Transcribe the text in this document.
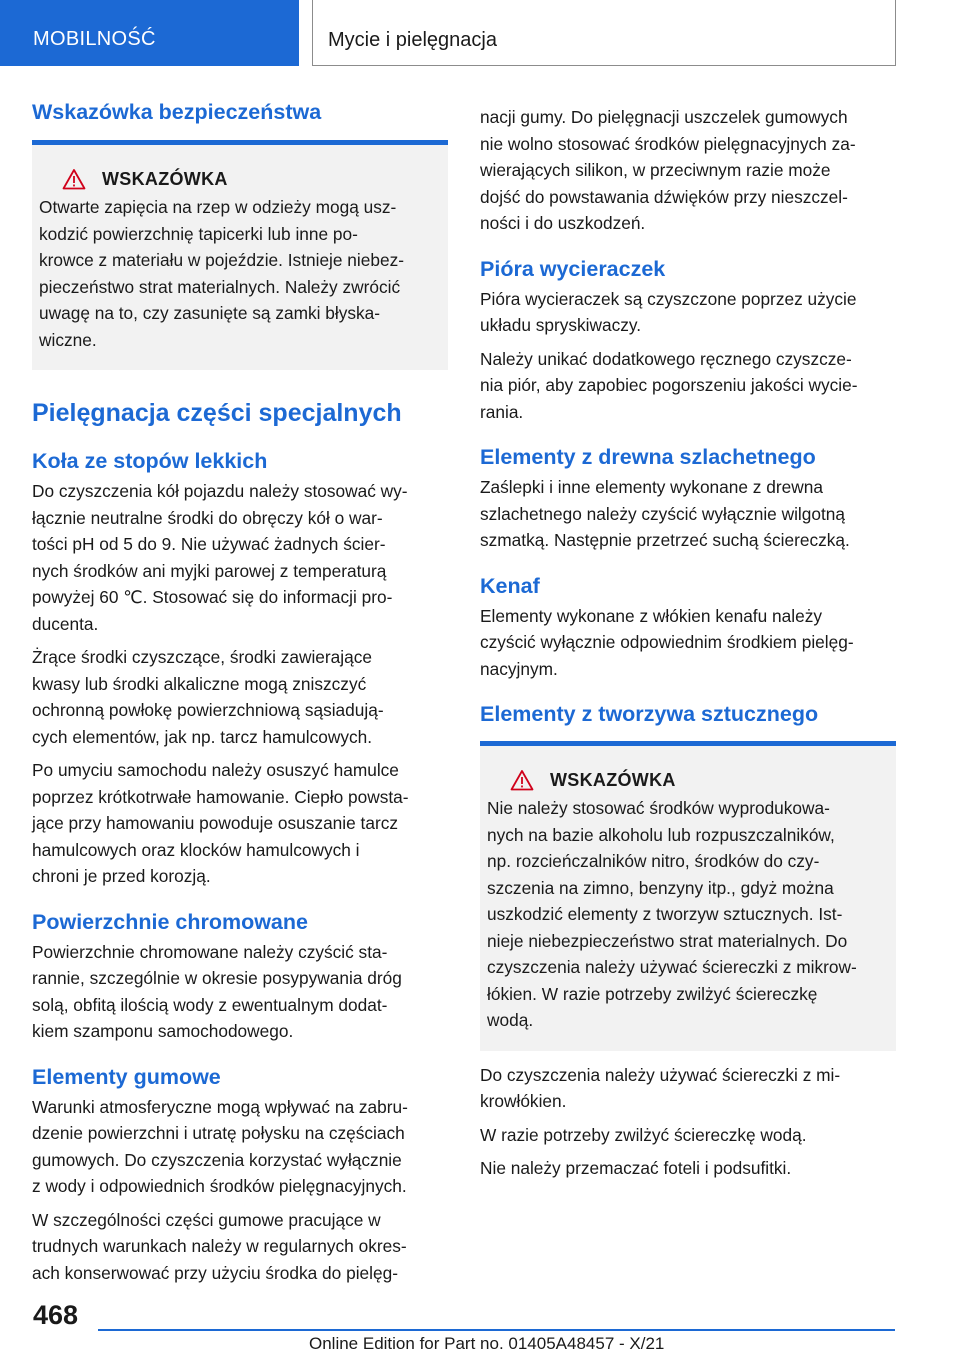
MOBILNOŚĆ	Mycie i pielęgnacja
Wskazówka bezpieczeństwa
WSKAZÓWKA

Otwarte zapięcia na rzep w odzieży mogą usz-
kodzić powierzchnię tapicerki lub inne po-
krowce z materiału w pojeździe. Istnieje niebez-
pieczeństwo strat materialnych. Należy zwrócić
uwagę na to, czy zasunięte są zamki błyska-
wiczne.

Pielęgnacja części specjalnych
Koła ze stopów lekkich

Do czyszczenia kół pojazdu należy stosować wy-
łącznie neutralne środki do obręczy kół o war-
tości pH od 5 do 9. Nie używać żadnych ścier-
nych środków ani myjki parowej z temperaturą
powyżej 60 ℃. Stosować się do informacji pro-
ducenta.

Żrące środki czyszczące, środki zawierające
kwasy lub środki alkaliczne mogą zniszczyć
ochronną powłokę powierzchniową sąsiadują-
cych elementów, jak np. tarcz hamulcowych.

Po umyciu samochodu należy osuszyć hamulce
poprzez krótkotrwałe hamowanie. Ciepło powsta-
jące przy hamowaniu powoduje osuszanie tarcz
hamulcowych oraz klocków hamulcowych i
chroni je przed korozją.

Powierzchnie chromowane

Powierzchnie chromowane należy czyścić sta-
rannie, szczególnie w okresie posypywania dróg
solą, obfitą ilością wody z ewentualnym dodat-
kiem szamponu samochodowego.

Elementy gumowe

Warunki atmosferyczne mogą wpływać na zabru-
dzenie powierzchni i utratę połysku na częściach
gumowych. Do czyszczenia korzystać wyłącznie
z wody i odpowiednich środków pielęgnacyjnych.

W szczególności części gumowe pracujące w
trudnych warunkach należy w regularnych okres-
ach konserwować przy użyciu środka do pielęg-

nacji gumy. Do pielęgnacji uszczelek gumowych
nie wolno stosować środków pielęgnacyjnych za-
wierających silikon, w przeciwnym razie może
dojść do powstawania dźwięków przy nieszczel-
ności i do uszkodzeń.

Pióra wycieraczek

Pióra wycieraczek są czyszczone poprzez użycie
układu spryskiwaczy.

Należy unikać dodatkowego ręcznego czyszcze-
nia piór, aby zapobiec pogorszeniu jakości wycie-
rania.

Elementy z drewna szlachetnego

Zaślepki i inne elementy wykonane z drewna
szlachetnego należy czyścić wyłącznie wilgotną
szmatką. Następnie przetrzeć suchą ściereczką.

Kenaf

Elementy wykonane z włókien kenafu należy
czyścić wyłącznie odpowiednim środkiem pielęg-
nacyjnym.

Elementy z tworzywa sztucznego
WSKAZÓWKA

Nie należy stosować środków wyprodukowa-
nych na bazie alkoholu lub rozpuszczalników,
np. rozcieńczalników nitro, środków do czy-
szczenia na zimno, benzyny itp., gdyż można
uszkodzić elementy z tworzyw sztucznych. Ist-
nieje niebezpieczeństwo strat materialnych. Do
czyszczenia należy używać ściereczki z mikrow-
łókien. W razie potrzeby zwilżyć ściereczkę
wodą.

Do czyszczenia należy używać ściereczki z mi-
krowłókien.

W razie potrzeby zwilżyć ściereczkę wodą.

Nie należy przemaczać foteli i podsufitki.

468
Online Edition for Part no. 01405A48457 - X/21
